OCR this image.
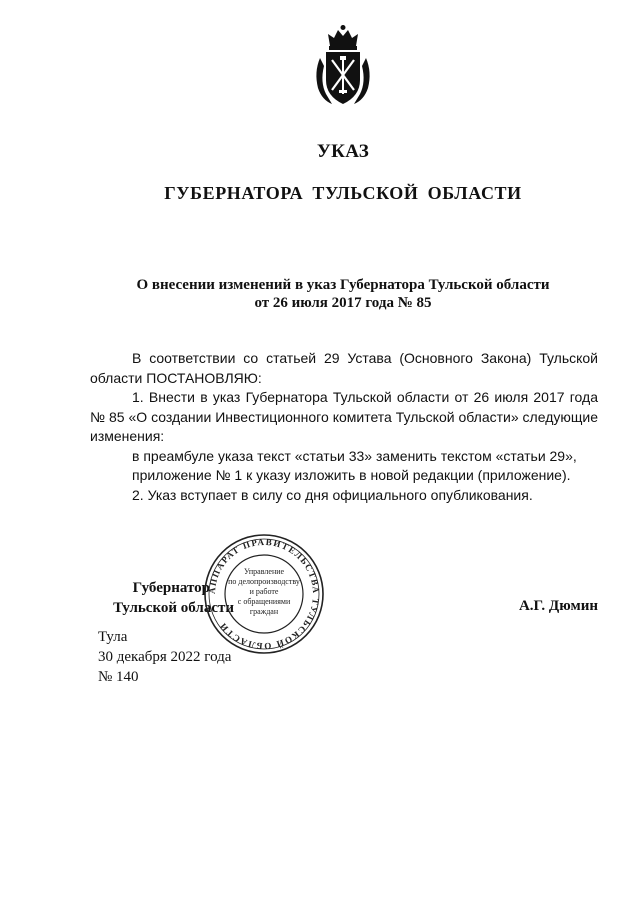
УКАЗ
ГУБЕРНАТОРА ТУЛЬСКОЙ ОБЛАСТИ
О внесении изменений в указ Губернатора Тульской области
от 26 июля 2017 года № 85

В соответствии со статьей 29 Устава (Основного Закона) Тульской

области ПОСТАНОВЛЯЮ:

1. Внести в указ Губернатора Тульской области от 26 июля 2017 года

№ 85 «О создании Инвестиционного комитета Тульской области» следующие

изменения:

в преамбуле указа текст «статьи 33» заменить текстом «статьи 29»,

приложение № 1 к указу изложить в новой редакции (приложение).

2. Указ вступает в силу со дня официального опубликования.

Губернатор
Тульской области
АППАРАТ ПРАВИТЕЛЬСТВА ТУЛЬСКОЙ ОБЛАСТИ
Управление
по делопроизводству
и работе
с обращениями
граждан	А.Г. Дюмин
Тула
30 декабря 2022 года
№ 140
